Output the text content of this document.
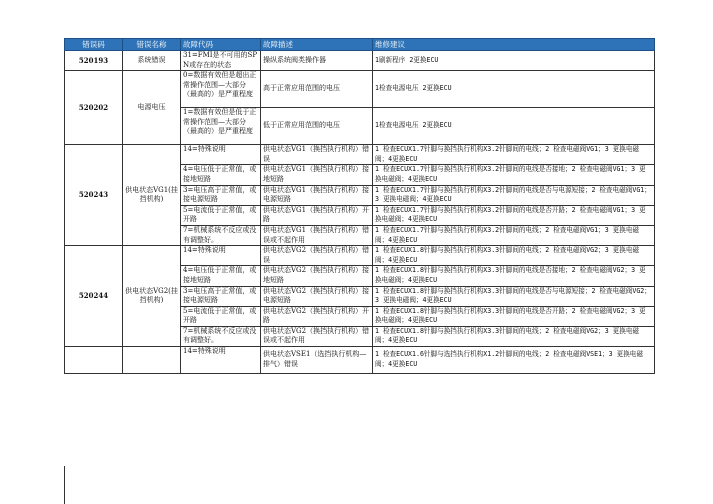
错误码	错误名称	故障代码	故障描述	维修建议
520193	系统错误	31=FMI是不可用的SPN或存在的状态	操纵系统阀类操作器	1刷新程序 2更换ECU
520202	电源电压	0=数据有效但是超出正常操作范围—大部分（最高的）是严重程度	高于正常应用范围的电压	1检查电源电压 2更换ECU
		1=数据有效但是低于正常操作范围—大部分（最高的）是严重程度	低于正常应用范围的电压	1检查电源电压 2更换ECU
520243	供电状态VG1(挂挡机构)	14=特殊说明	供电状态VG1（换挡执行机构）错误	1 检查ECUX1.7针脚与换挡执行机构X3.2针脚间的电线；2 检查电磁阀VG1；3 更换电磁阀；4更换ECU
		4=电压低于正常值，或接地短路	供电状态VG1（换挡执行机构）接地短路	1 检查ECUX1.7针脚与换挡执行机构X3.2针脚间的电线是否接地；2 检查电磁阀VG1；3 更换电磁阀；4更换ECU
		3=电压高于正常值，或接电源短路	供电状态VG1（换挡执行机构）接电源短路	1 检查ECUX1.7针脚与换挡执行机构X3.2针脚间的电线是否与电源短接；2 检查电磁阀VG1；3 更换电磁阀；4更换ECU
		5=电流低于正常值，或开路	供电状态VG1（换挡执行机构）开路	1 检查ECUX1.7针脚与换挡执行机构X3.2针脚间的电线是否开路；2 检查电磁阀VG1；3 更换电磁阀；4更换ECU
		7=机械系统不反应或没有调整好。	供电状态VG1（换挡执行机构）错误或不起作用	1 检查ECUX1.7针脚与换挡执行机构X3.2针脚间的电线；2 检查电磁阀VG1；3 更换电磁阀；4更换ECU
520244	供电状态VG2(挂挡机构)	14=特殊说明	供电状态VG2（换挡执行机构）错误	1 检查ECUX1.8针脚与换挡执行机构X3.3针脚间的电线；2 检查电磁阀VG2；3 更换电磁阀；4更换ECU
		4=电压低于正常值，或接地短路	供电状态VG2（换挡执行机构）接地短路	1 检查ECUX1.8针脚与换挡执行机构X3.3针脚间的电线是否接地；2 检查电磁阀VG2；3 更换电磁阀；4更换ECU
		3=电压高于正常值，或接电源短路	供电状态VG2（换挡执行机构）接电源短路	1 检查ECUX1.8针脚与换挡执行机构X3.3针脚间的电线是否与电源短接；2 检查电磁阀VG2；3 更换电磁阀；4更换ECU
		5=电流低于正常值，或开路	供电状态VG2（换挡执行机构）开路	1 检查ECUX1.8针脚与换挡执行机构X3.3针脚间的电线是否开路；2 检查电磁阀VG2；3 更换电磁阀；4更换ECU
		7=机械系统不反应或没有调整好。	供电状态VG2（换挡执行机构）错误或不起作用	1 检查ECUX1.8针脚与换挡执行机构X3.3针脚间的电线；2 检查电磁阀VG2；3 更换电磁阀；4更换ECU
		14=特殊说明	供电状态VSE1（选挡执行机构—排气）错误	1 检查ECUX1.6针脚与选挡执行机构X1.2针脚间的电线；2 检查电磁阀VSE1；3 更换电磁阀；4更换ECU
